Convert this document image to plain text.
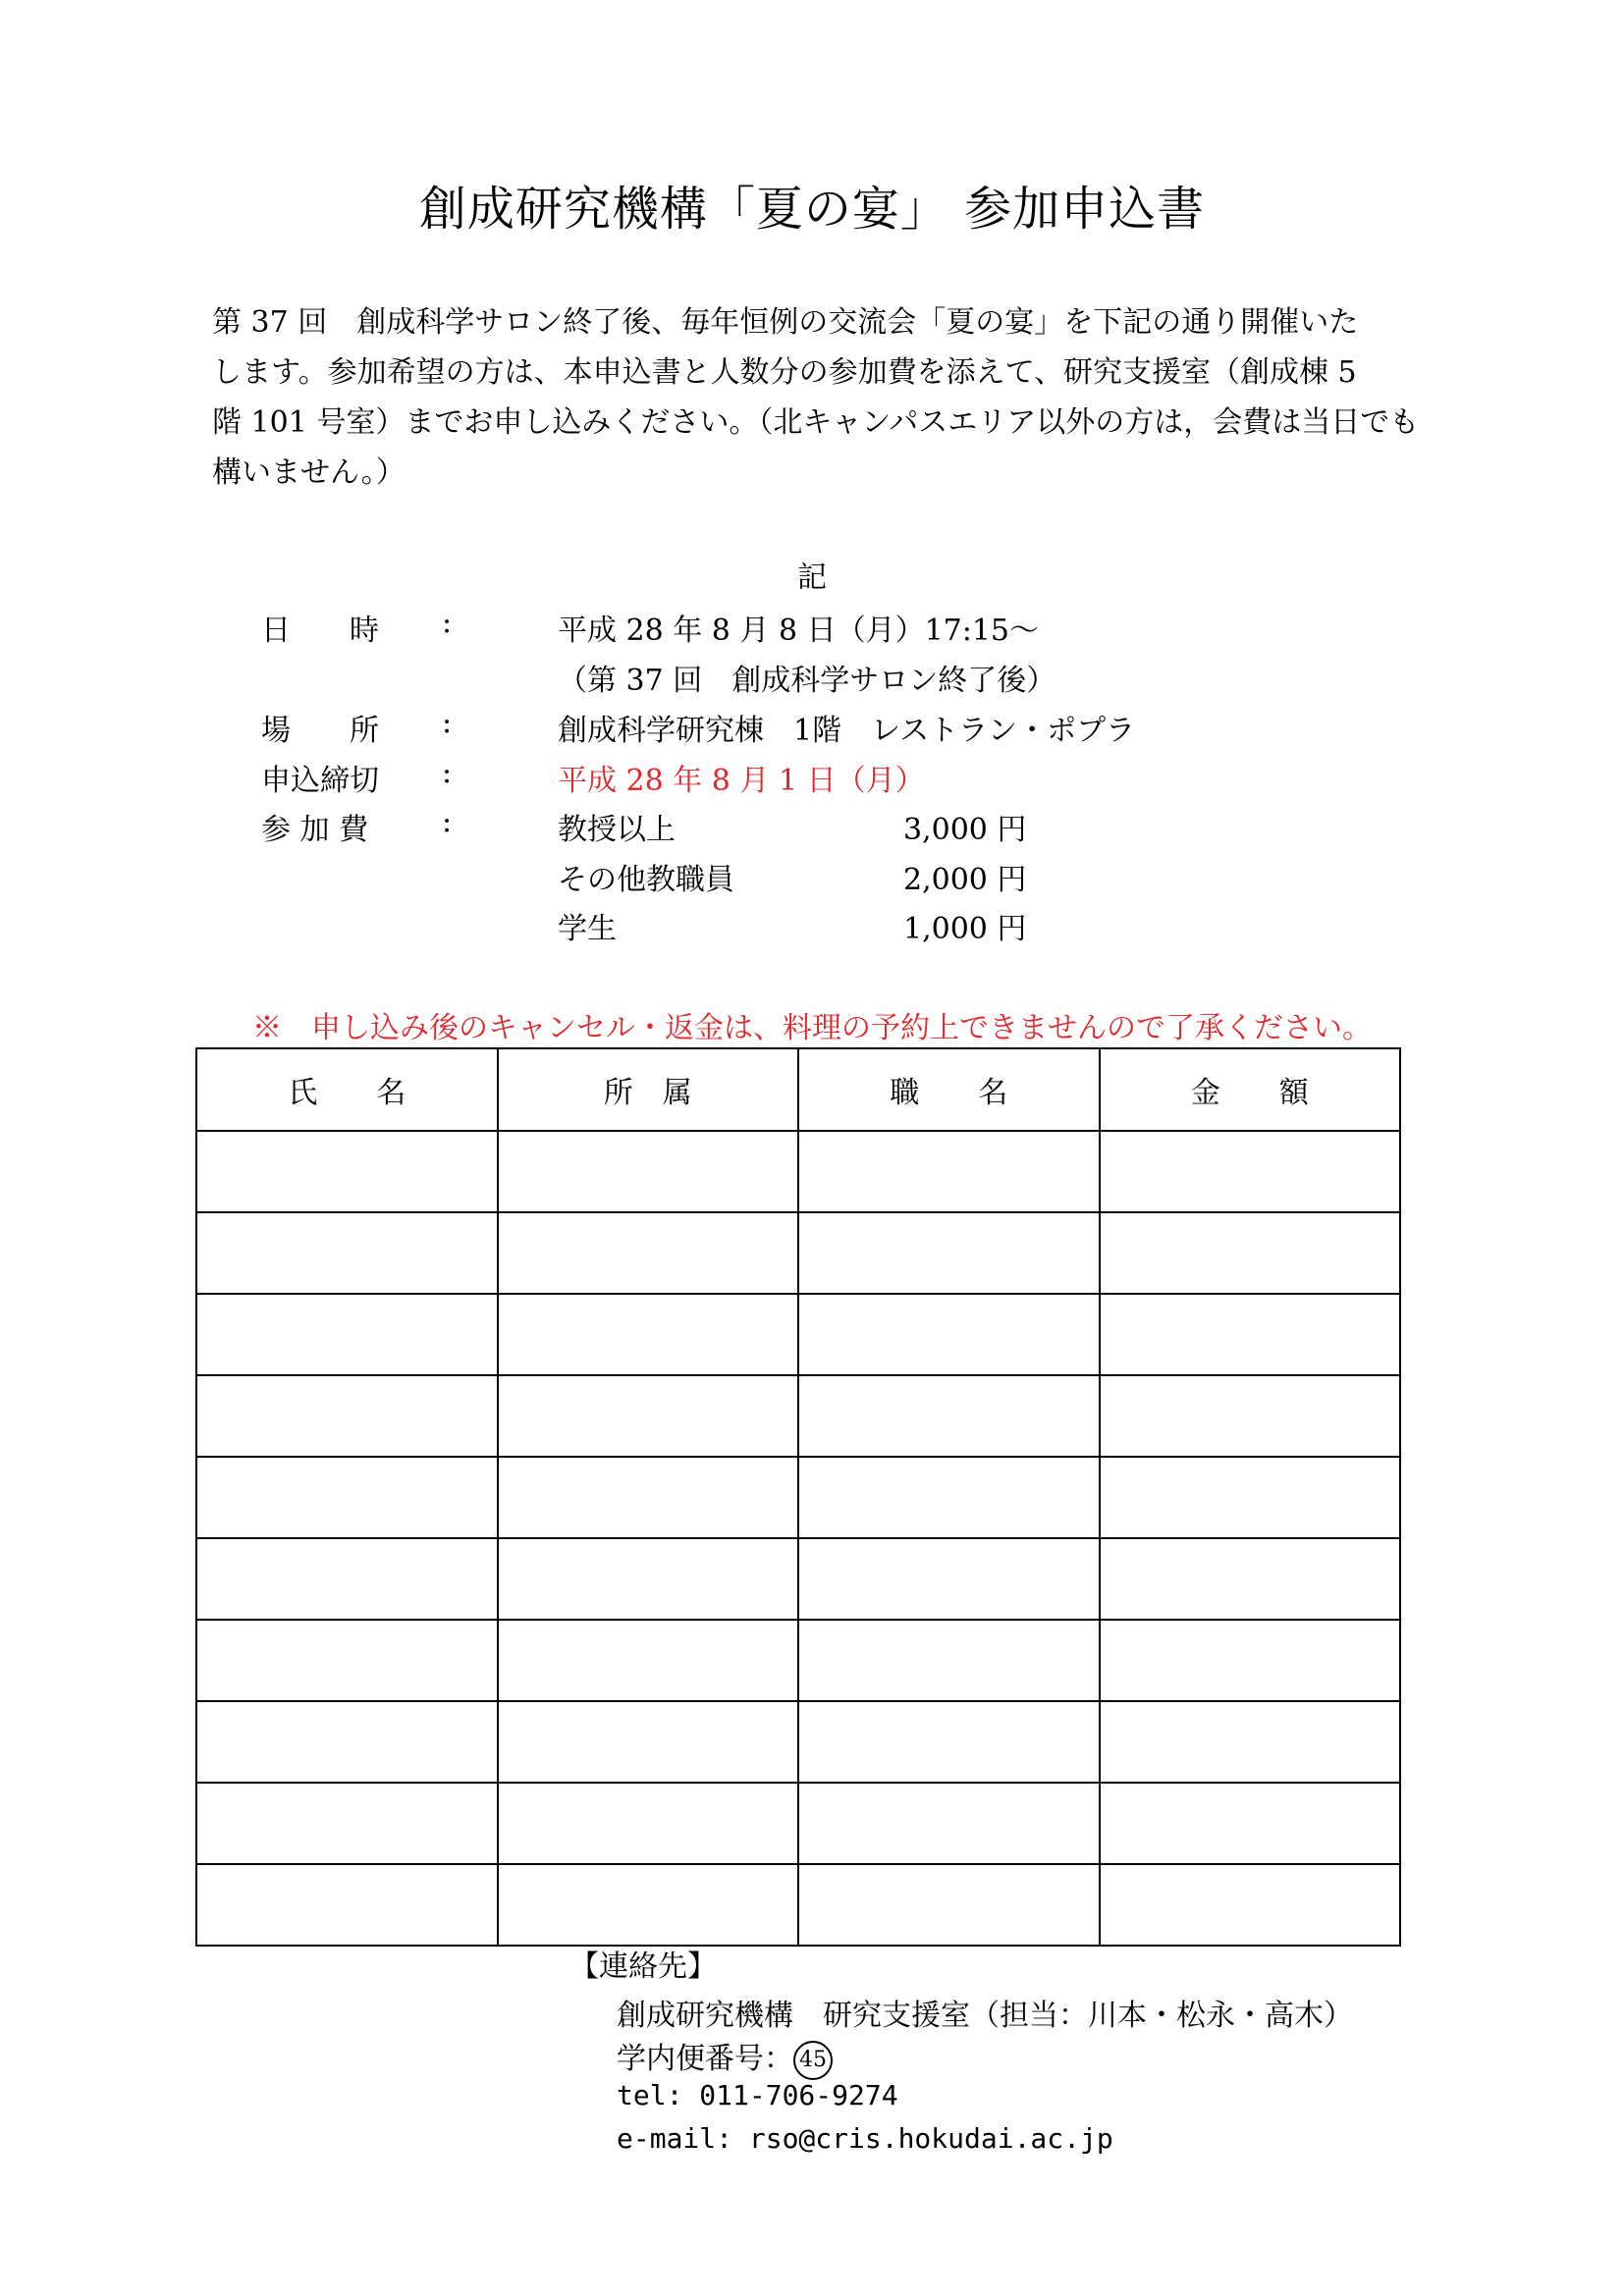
創成研究機構「夏の宴」 参加申込書

第 37 回　創成科学サロン終了後、毎年恒例の交流会「夏の宴」を下記の通り開催いた

します。参加希望の方は、本申込書と人数分の参加費を添えて、研究支援室（創成棟 5

階 101 号室）までお申し込みください。（北キャンパスエリア以外の方は，会費は当日でも

構いません。）

記
日　　時 :	平成 28 年 8 月 8 日（月）17:15～
（第 37 回　創成科学サロン終了後）
場　　所 :	創成科学研究棟　1階　レストラン・ポプラ
申込締切 :	平成 28 年 8 月 1 日（月）
参 加 費 :	教授以上	3,000 円
その他教職員	2,000 円
学生	1,000 円
※　申し込み後のキャンセル・返金は、料理の予約上できませんので了承ください。
氏　　名	所　属	職　　名	金　　額

【連絡先】
創成研究機構　研究支援室（担当：川本・松永・高木）
学内便番号： 45
tel: 011-706-9274
e-mail: rso@cris.hokudai.ac.jp
